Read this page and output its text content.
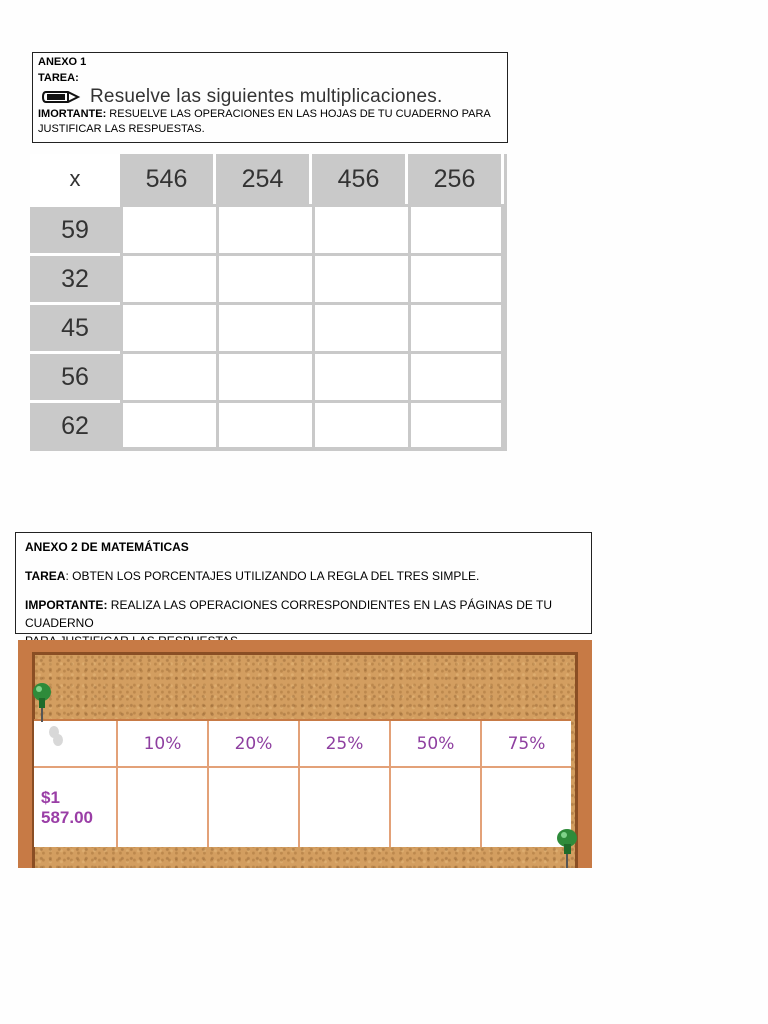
ANEXO 1
TAREA:
Resuelve las siguientes multiplicaciones.
IMORTANTE: RESUELVE LAS OPERACIONES EN LAS HOJAS DE TU CUADERNO PARA
JUSTIFICAR LAS RESPUESTAS.
x	546	254	456	256
59
32
45
56
62

ANEXO 2 DE MATEMÁTICAS

TAREA: OBTEN LOS PORCENTAJES UTILIZANDO LA REGLA DEL TRES SIMPLE.

IMPORTANTE: REALIZA LAS OPERACIONES CORRESPONDIENTES EN LAS PÁGINAS DE TU CUADERNO

10%	20%	25%	50%	75%
$1 587.00
